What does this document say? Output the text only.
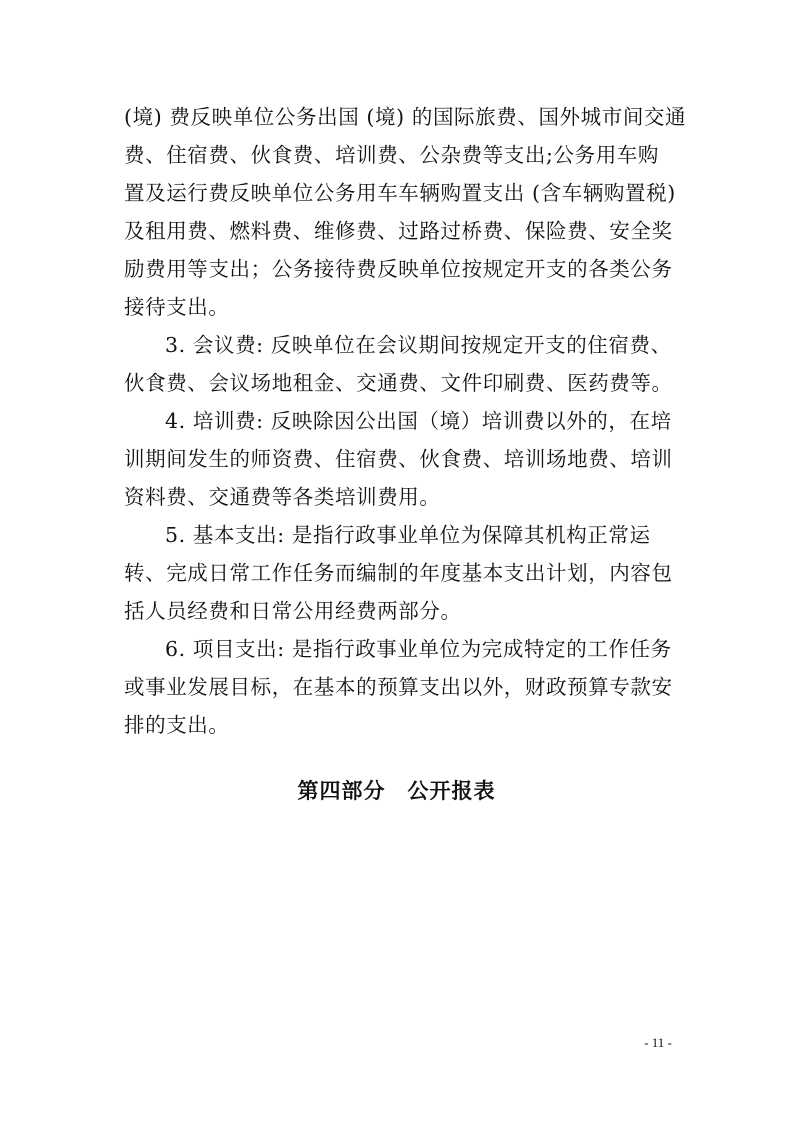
(境) 费反映单位公务出国 (境) 的国际旅费、国外城市间交通
费、住宿费、伙食费、培训费、公杂费等支出;公务用车购
置及运行费反映单位公务用车车辆购置支出 (含车辆购置税)
及租用费、燃料费、维修费、过路过桥费、保险费、安全奖
励费用等支出；公务接待费反映单位按规定开支的各类公务
接待支出。

3. 会议费: 反映单位在会议期间按规定开支的住宿费、
伙食费、会议场地租金、交通费、文件印刷费、医药费等。

4. 培训费: 反映除因公出国（境）培训费以外的，在培
训期间发生的师资费、住宿费、伙食费、培训场地费、培训
资料费、交通费等各类培训费用。

5. 基本支出: 是指行政事业单位为保障其机构正常运
转、完成日常工作任务而编制的年度基本支出计划，内容包
括人员经费和日常公用经费两部分。

6. 项目支出: 是指行政事业单位为完成特定的工作任务
或事业发展目标，在基本的预算支出以外，财政预算专款安
排的支出。

第四部分　公开报表
- 11 -
